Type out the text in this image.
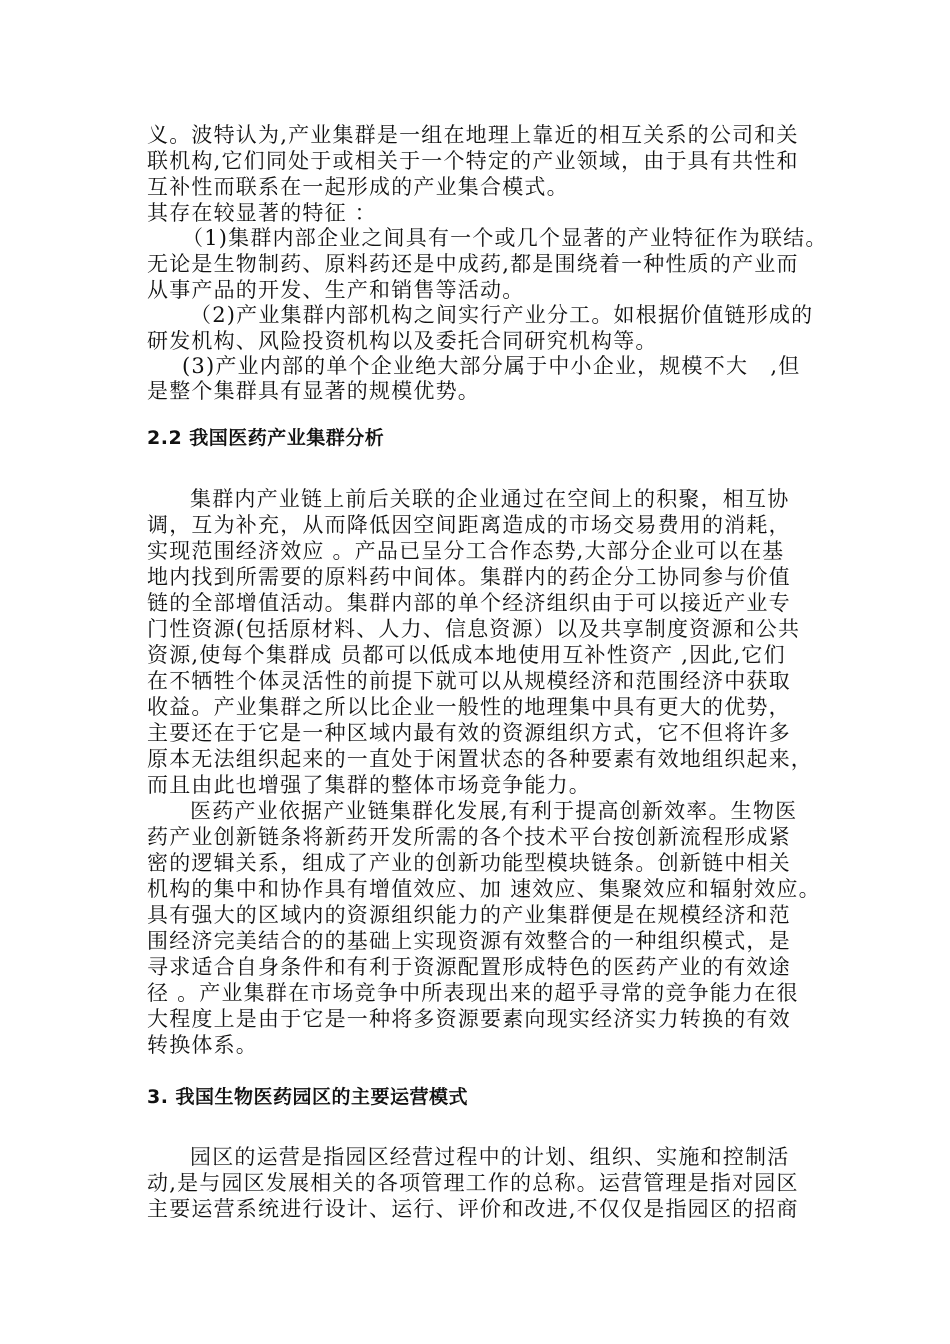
义。波特认为,产业集群是一组在地理上靠近的相互关系的公司和关
联机构,它们同处于或相关于一个特定的产业领域，由于具有共性和
互补性而联系在一起形成的产业集合模式。
其存在较显著的特征 ：
（1)集群内部企业之间具有一个或几个显著的产业特征作为联结。
无论是生物制药、原料药还是中成药,都是围绕着一种性质的产业而
从事产品的开发、生产和销售等活动。
（2)产业集群内部机构之间实行产业分工。如根据价值链形成的
研发机构、风险投资机构以及委托合同研究机构等。
(3)产业内部的单个企业绝大部分属于中小企业，规模不大　,但
是整个集群具有显著的规模优势。
2.2 我国医药产业集群分析
集群内产业链上前后关联的企业通过在空间上的积聚，相互协
调，互为补充，从而降低因空间距离造成的市场交易费用的消耗，
实现范围经济效应 。产品已呈分工合作态势,大部分企业可以在基
地内找到所需要的原料药中间体。集群内的药企分工协同参与价值
链的全部增值活动。集群内部的单个经济组织由于可以接近产业专
门性资源(包括原材料、人力、信息资源）以及共享制度资源和公共
资源,使每个集群成 员都可以低成本地使用互补性资产 ,因此,它们
在不牺牲个体灵活性的前提下就可以从规模经济和范围经济中获取
收益。产业集群之所以比企业一般性的地理集中具有更大的优势，
主要还在于它是一种区域内最有效的资源组织方式，它不但将许多
原本无法组织起来的一直处于闲置状态的各种要素有效地组织起来，
而且由此也增强了集群的整体市场竞争能力。
医药产业依据产业链集群化发展,有利于提高创新效率。生物医
药产业创新链条将新药开发所需的各个技术平台按创新流程形成紧
密的逻辑关系，组成了产业的创新功能型模块链条。创新链中相关
机构的集中和协作具有增值效应、加 速效应、集聚效应和辐射效应。
具有强大的区域内的资源组织能力的产业集群便是在规模经济和范
围经济完美结合的的基础上实现资源有效整合的一种组织模式，是
寻求适合自身条件和有利于资源配置形成特色的医药产业的有效途
径 。产业集群在市场竞争中所表现出来的超乎寻常的竞争能力在很
大程度上是由于它是一种将多资源要素向现实经济实力转换的有效
转换体系。
3. 我国生物医药园区的主要运营模式
园区的运营是指园区经营过程中的计划、组织、实施和控制活
动,是与园区发展相关的各项管理工作的总称。运营管理是指对园区
主要运营系统进行设计、运行、评价和改进,不仅仅是指园区的招商
